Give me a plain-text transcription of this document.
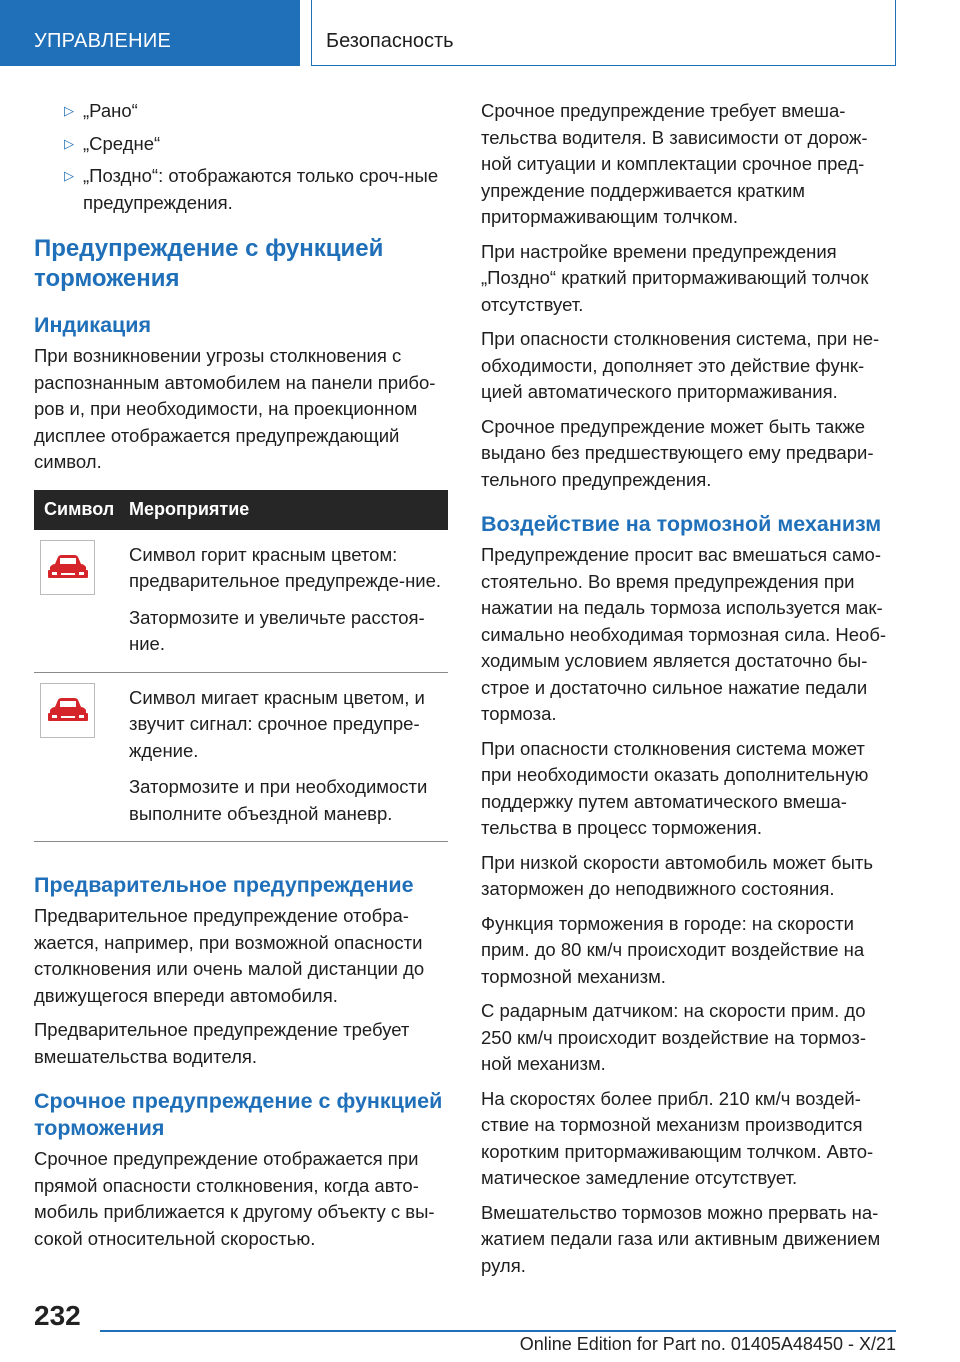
УПРАВЛЕНИЕ	Безопасность
▷ „Рано“
▷ „Средне“
▷ „Поздно“: отображаются только сроч-ные предупреждения.
Предупреждение с функцией торможения
Индикация

При возникновении угрозы столкновения с распознанным автомобилем на панели прибо-ров и, при необходимости, на проекционном дисплее отображается предупреждающий символ.

Символ	Мероприятие

Символ горит красным цветом: предварительное предупрежде-ние.

Затормозите и увеличьте расстоя-ние.

Символ мигает красным цветом, и звучит сигнал: срочное предупре-ждение.

Затормозите и при необходимости выполните объездной маневр.

Предварительное предупреждение

Предварительное предупреждение отобра-жается, например, при возможной опасности столкновения или очень малой дистанции до движущегося впереди автомобиля.

Предварительное предупреждение требует вмешательства водителя.

Срочное предупреждение с функцией торможения

Срочное предупреждение отображается при прямой опасности столкновения, когда авто-мобиль приближается к другому объекту с вы-сокой относительной скоростью.

Срочное предупреждение требует вмеша-тельства водителя. В зависимости от дорож-ной ситуации и комплектации срочное пред-упреждение поддерживается кратким притормаживающим толчком.

При настройке времени предупреждения „Поздно“ краткий притормаживающий толчок отсутствует.

При опасности столкновения система, при не-обходимости, дополняет это действие функ-цией автоматического притормаживания.

Срочное предупреждение может быть также выдано без предшествующего ему предвари-тельного предупреждения.

Воздействие на тормозной механизм

Предупреждение просит вас вмешаться само-стоятельно. Во время предупреждения при нажатии на педаль тормоза используется мак-симально необходимая тормозная сила. Необ-ходимым условием является достаточно бы-строе и достаточно сильное нажатие педали тормоза.

При опасности столкновения система может при необходимости оказать дополнительную поддержку путем автоматического вмеша-тельства в процесс торможения.

При низкой скорости автомобиль может быть заторможен до неподвижного состояния.

Функция торможения в городе: на скорости прим. до 80 км/ч происходит воздействие на тормозной механизм.

С радарным датчиком: на скорости прим. до 250 км/ч происходит воздействие на тормоз-ной механизм.

На скоростях более прибл. 210 км/ч воздей-ствие на тормозной механизм производится коротким притормаживающим толчком. Авто-матическое замедление отсутствует.

Вмешательство тормозов можно прервать на-жатием педали газа или активным движением руля.

232
Online Edition for Part no. 01405A48450 - X/21
